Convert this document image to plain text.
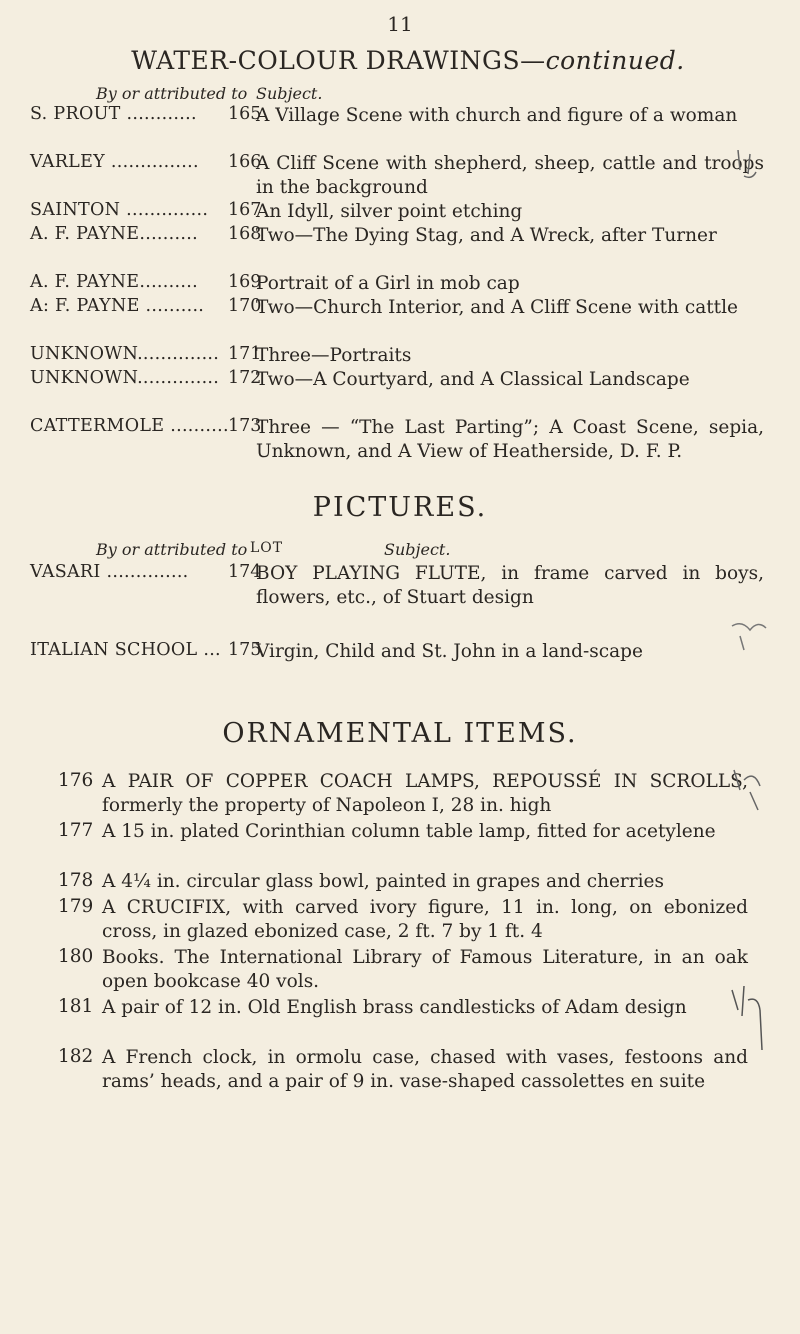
11
WATER-COLOUR DRAWINGS—continued.
By or attributed to Subject.
S. PROUT ............ 165
A Village Scene with church and figure of a woman
VARLEY ............... 166
A Cliff Scene with shepherd, sheep, cattle and troops in the background
SAINTON .............. 167
An Idyll, silver point etching
A. F. PAYNE.......... 168
Two—The Dying Stag, and A Wreck, after Turner
A. F. PAYNE.......... 169
Portrait of a Girl in mob cap
A: F. PAYNE .......... 170
Two—Church Interior, and A Cliff Scene with cattle
UNKNOWN.............. 171
Three—Portraits
UNKNOWN.............. 172
Two—A Courtyard, and A Classical Landscape
CATTERMOLE .......... 173
Three — “The Last Parting”; A Coast Scene, sepia, Unknown, and A View of Heatherside, D. F. P.
PICTURES.
By or attributed to LOT	Subject.
VASARI .............. 174
BOY PLAYING FLUTE, in frame carved in boys, flowers, etc., of Stuart design
ITALIAN SCHOOL ... 175
Virgin, Child and St. John in a land-scape
ORNAMENTAL ITEMS.
176 A PAIR OF COPPER COACH LAMPS, REPOUSSÉ IN SCROLLS, formerly the property of Napoleon I, 28 in. high
177 A 15 in. plated Corinthian column table lamp, fitted for acetylene
178 A 4¼ in. circular glass bowl, painted in grapes and cherries
179 A CRUCIFIX, with carved ivory figure, 11 in. long, on ebonized cross, in glazed ebonized case, 2 ft. 7 by 1 ft. 4
180 Books. The International Library of Famous Literature, in an oak open bookcase 40 vols.
181 A pair of 12 in. Old English brass candlesticks of Adam design
182 A French clock, in ormolu case, chased with vases, festoons and rams’ heads, and a pair of 9 in. vase-shaped cassolettes en suite
